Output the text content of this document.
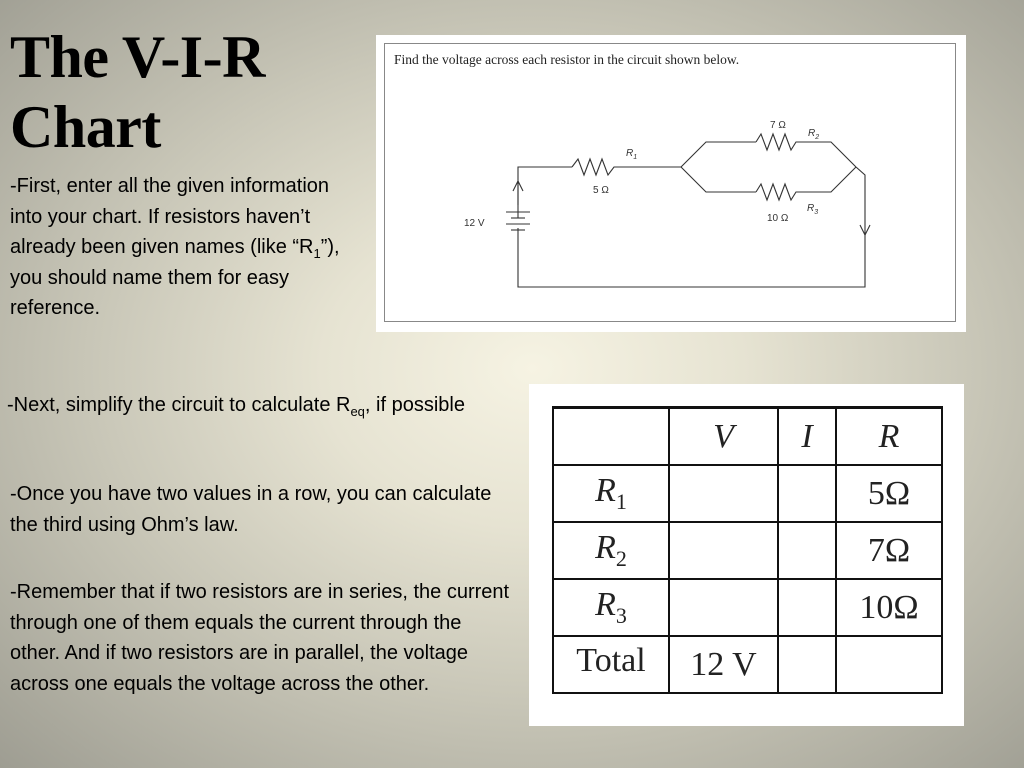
The V-I-R
Chart

-First, enter all the given information into your chart. If resistors haven’t already been given names (like “$R_1$”), you should name them for easy reference.

-Next, simplify the circuit to calculate $R_{eq}$, if possible

-Once you have two values in a row, you can calculate the third using Ohm’s law.

-Remember that if two resistors are in series, the current through one of them equals the current through the other. And if two resistors are in parallel, the voltage across one equals the voltage across the other.

Find the voltage across each resistor in the circuit shown below.
12 V
5 Ω
$R_1$
7 Ω
$R_2$
10 Ω
$R_3$
	V	I	R
$R_1$			5Ω
$R_2$			7Ω
$R_3$			10Ω
Total	12 V		
